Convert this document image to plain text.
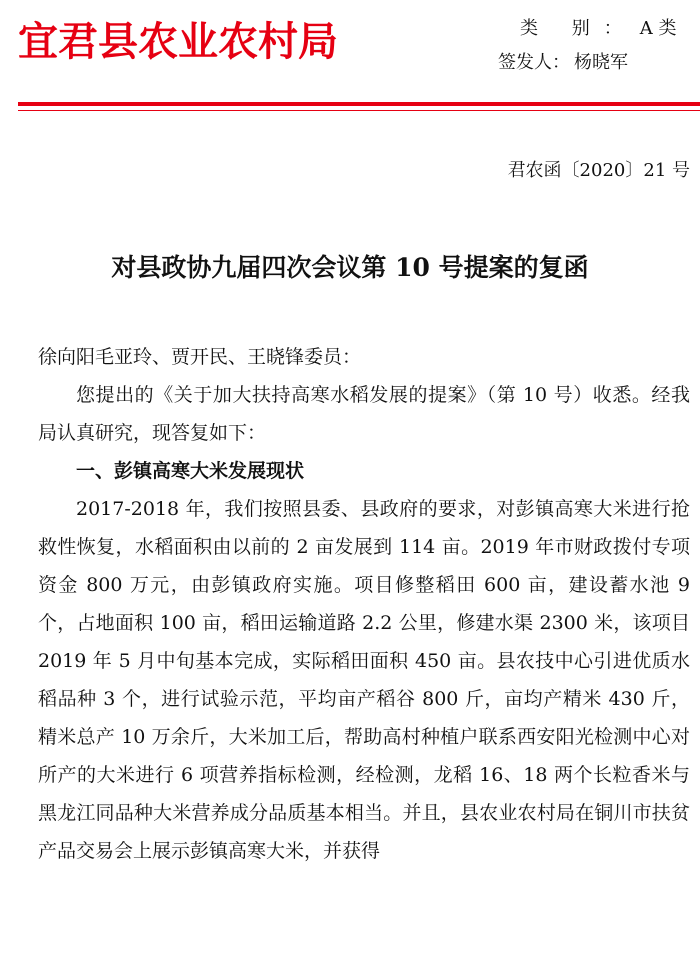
宜君县农业农村局	类 别： A 类
签发人： 杨晓军
君农函〔2020〕21 号
对县政协九届四次会议第 10 号提案的复函

徐向阳毛亚玲、贾开民、王晓锋委员：

您提出的《关于加大扶持高寒水稻发展的提案》（第 10 号）收悉。经我局认真研究，现答复如下：

一、彭镇高寒大米发展现状

2017-2018 年，我们按照县委、县政府的要求，对彭镇高寒大米进行抢救性恢复，水稻面积由以前的 2 亩发展到 114 亩。2019 年市财政拨付专项资金 800 万元，由彭镇政府实施。项目修整稻田 600 亩，建设蓄水池 9 个，占地面积 100 亩，稻田运输道路 2.2 公里，修建水渠 2300 米，该项目 2019 年 5 月中旬基本完成，实际稻田面积 450 亩。县农技中心引进优质水稻品种 3 个，进行试验示范，平均亩产稻谷 800 斤，亩均产精米 430 斤，精米总产 10 万余斤，大米加工后，帮助高村种植户联系西安阳光检测中心对所产的大米进行 6 项营养指标检测，经检测，龙稻 16、18 两个长粒香米与黑龙江同品种大米营养成分品质基本相当。并且，县农业农村局在铜川市扶贫产品交易会上展示彭镇高寒大米，并获得
